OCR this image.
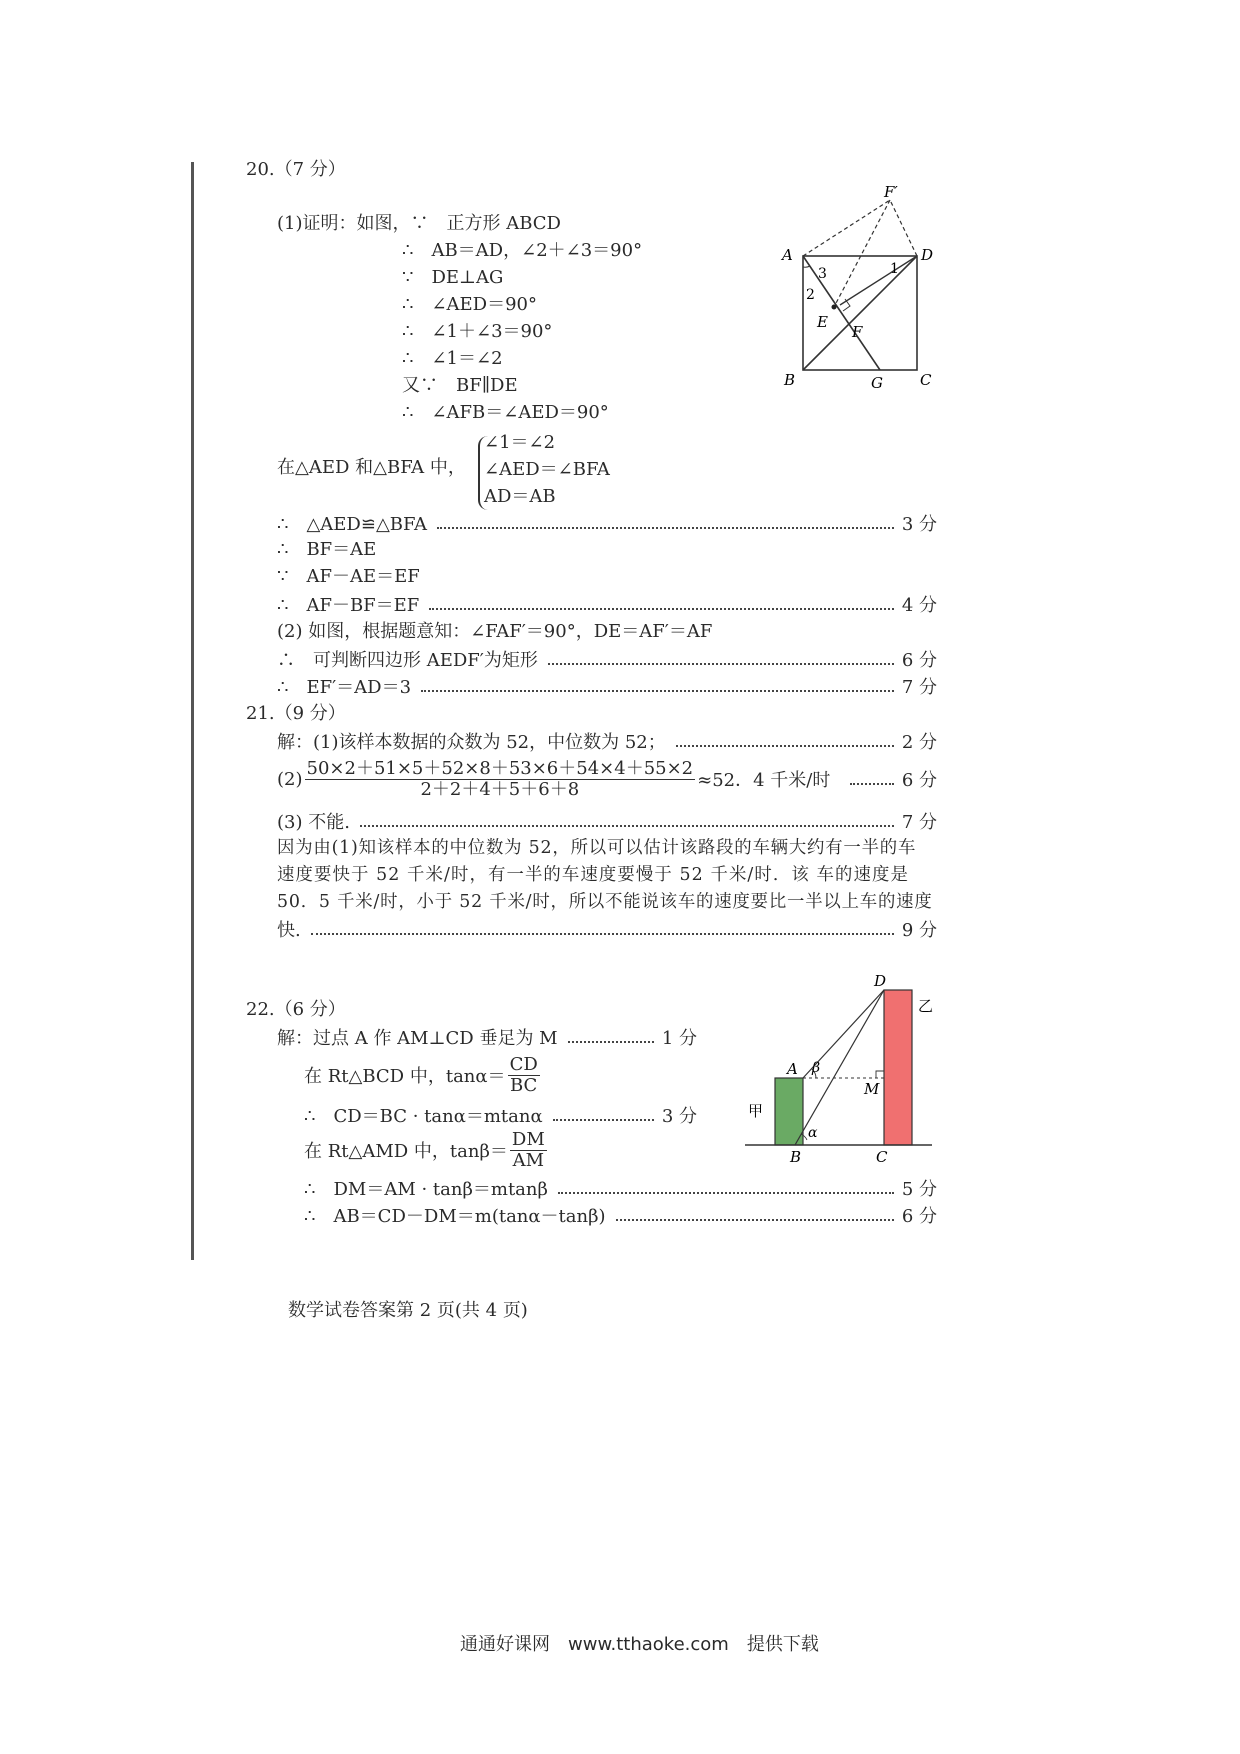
20.（7 分）
(1)证明：如图，∵　正方形 ABCD
∴　AB＝AD，∠2＋∠3＝90°
∵　DE⊥AG
∴　∠AED＝90°
∴　∠1＋∠3＝90°
∴　∠1＝∠2
又∵　BF∥DE
∴　∠AFB＝∠AED＝90°
在△AED 和△BFA 中，
∠1＝∠2
∠AED＝∠BFA
AD＝AB
∴　△AED≌△BFA	3 分
∴　BF＝AE
∵　AF－AE＝EF
∴　AF－BF＝EF	4 分
(2) 如图，根据题意知：∠FAF′＝90°，DE＝AF′＝AF
∴　可判断四边形 AEDF′为矩形	6 分
∴　EF′＝AD＝3	7 分
A
B	C
D
E
F
G
F′
1
2
3
21.（9 分）
解：(1)该样本数据的众数为 52，中位数为 52；	2 分
$(2) \frac{50\times 2+51\times 5+52\times 8+53\times 6+54\times 4+55\times 2}{2+2+4+5+6+8} \approx 52$．4 千米/时	6 分
(3) 不能.	7 分
因为由(1)知该样本的中位数为 52，所以可以估计该路段的车辆大约有一半的车
速度要快于 52 千米/时，有一半的车速度要慢于 52 千米/时．该 车的速度是
50．5 千米/时，小于 52 千米/时，所以不能说该车的速度要比一半以上车的速度
快.	9 分
22.（6 分）
解：过点 A 作 AM⊥CD 垂足为 M	1 分
在 Rt△BCD 中，$\tan\alpha= \frac{CD}{BC}$
∴　CD＝BC · tanα＝mtanα	3 分
在 Rt△AMD 中，$\tan\beta= \frac{DM}{AM}$
∴　DM＝AM · tanβ＝mtanβ	5 分
∴　AB＝CD－DM＝m(tanα－tanβ)	6 分
D
乙
A β
M
甲
α
B	C
数学试卷答案第 2 页(共 4 页)
通通好课网　www.tthaoke.com　提供下载
